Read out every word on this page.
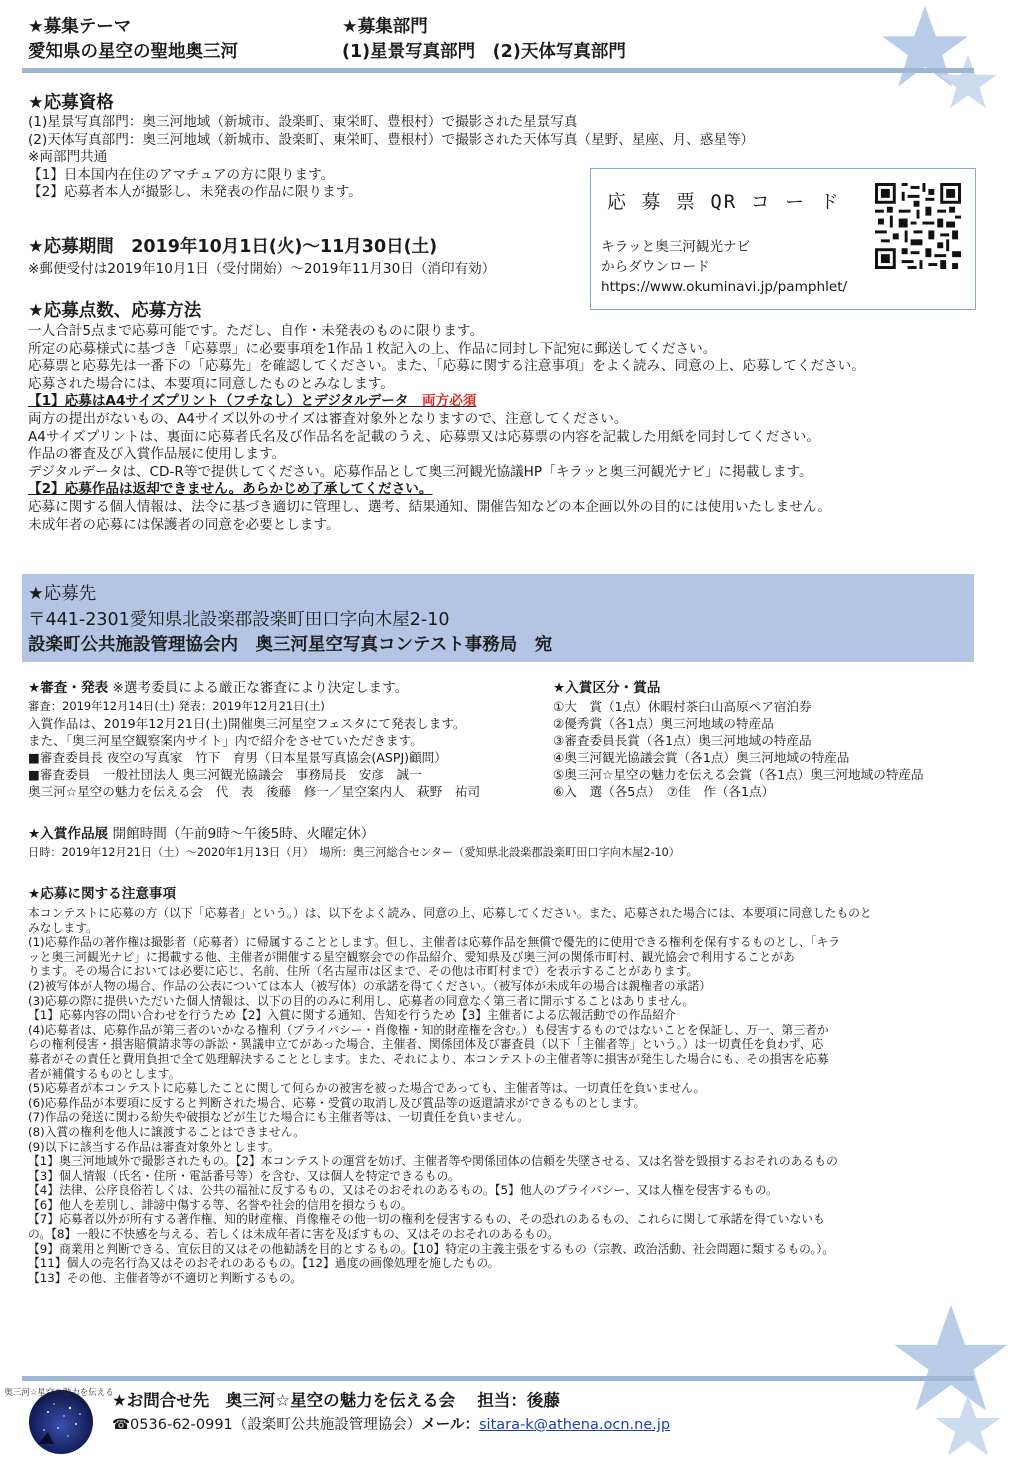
★募集テーマ
愛知県の星空の聖地奥三河
★募集部門
(1)星景写真部門　(2)天体写真部門
★応募資格
(1)星景写真部門：奥三河地域（新城市、設楽町、東栄町、豊根村）で撮影された星景写真
(2)天体写真部門：奥三河地域（新城市、設楽町、東栄町、豊根村）で撮影された天体写真（星野、星座、月、惑星等）
※両部門共通
【1】日本国内在住のアマチュアの方に限ります。
【2】応募者本人が撮影し、未発表の作品に限ります。
★応募期間　2019年10月1日(火)～11月30日(土)
※郵便受付は2019年10月1日（受付開始）～2019年11月30日（消印有効）
応 募 票 QR コ ー ド
キラッと奥三河観光ナビ
からダウンロード
https://www.okuminavi.jp/pamphlet/
★応募点数、応募方法
一人合計5点まで応募可能です。ただし、自作・未発表のものに限ります。
所定の応募様式に基づき「応募票」に必要事項を1作品１枚記入の上、作品に同封し下記宛に郵送してください。
応募票と応募先は一番下の「応募先」を確認してください。また、「応募に関する注意事項」をよく読み、同意の上、応募してください。
応募された場合には、本要項に同意したものとみなします。
【1】応募はA4サイズプリント（フチなし）とデジタルデータ　 両方必須
両方の提出がないもの、A4サイズ以外のサイズは審査対象外となりますので、注意してください。
A4サイズプリントは、裏面に応募者氏名及び作品名を記載のうえ、応募票又は応募票の内容を記載した用紙を同封してください。
作品の審査及び入賞作品展に使用します。
デジタルデータは、CD-R等で提供してください。応募作品として奥三河観光協議HP「キラッと奥三河観光ナビ」に掲載します。
【2】応募作品は返却できません。あらかじめ了承してください。
応募に関する個人情報は、法令に基づき適切に管理し、選考、結果通知、開催告知などの本企画以外の目的には使用いたしません。
未成年者の応募には保護者の同意を必要とします。
★応募先
〒441-2301愛知県北設楽郡設楽町田口字向木屋2-10
設楽町公共施設管理協会内　奥三河星空写真コンテスト事務局　宛
★審査・発表 ※選考委員による厳正な審査により決定します。
審査：2019年12月14日(土) 発表：2019年12月21日(土)
入賞作品は、2019年12月21日(土)開催奥三河星空フェスタにて発表します。
また、「奥三河星空観察案内サイト」内で紹介をさせていただきます。
■審査委員長 夜空の写真家　竹下　育男（日本星景写真協会(ASPJ)顧問）
■審査委員　一般社団法人 奥三河観光協議会　事務局長　安彦　誠一
奥三河☆星空の魅力を伝える会　代　表　後藤　修一／星空案内人　萩野　祐司
★入賞区分・賞品
①大　賞（1点）休暇村茶臼山高原ペア宿泊券
②優秀賞（各1点）奥三河地域の特産品
③審査委員長賞（各1点）奥三河地域の特産品
④奥三河観光協議会賞（各1点）奥三河地域の特産品
⑤奥三河☆星空の魅力を伝える会賞（各1点）奥三河地域の特産品
⑥入　選（各5点）　⑦佳　作（各1点）
★入賞作品展 開館時間（午前9時～午後5時、火曜定休）
日時：2019年12月21日（土）～2020年1月13日（月）　場所：奥三河総合センター（愛知県北設楽郡設楽町田口字向木屋2-10）
★応募に関する注意事項
本コンテストに応募の方（以下「応募者」という。）は、以下をよく読み、同意の上、応募してください。また、応募された場合には、本要項に同意したものと
みなします。
(1)応募作品の著作権は撮影者（応募者）に帰属することとします。但し、主催者は応募作品を無償で優先的に使用できる権利を保有するものとし、「キラ
ッと奥三河観光ナビ」に掲載する他、主催者が開催する星空観察会での作品紹介、愛知県及び奥三河の関係市町村、観光協会で利用することがあ
ります。その場合においては必要に応じ、名前、住所（名古屋市は区まで、その他は市町村まで）を表示することがあります。
(2)被写体が人物の場合、作品の公表については本人（被写体）の承諾を得てください。（被写体が未成年の場合は親権者の承諾）
(3)応募の際に提供いただいた個人情報は、以下の目的のみに利用し、応募者の同意なく第三者に開示することはありません。
【1】応募内容の問い合わせを行うため【2】入賞に関する通知、告知を行うため【3】主催者による広報活動での作品紹介
(4)応募者は、応募作品が第三者のいかなる権利（プライバシー・肖像権・知的財産権を含む。）も侵害するものではないことを保証し、万一、第三者か
らの権利侵害・損害賠償請求等の訴訟・異議申立てがあった場合、主催者、関係団体及び審査員（以下「主催者等」という。）は一切責任を負わず、応
募者がその責任と費用負担で全て処理解決することとします。また、それにより、本コンテストの主催者等に損害が発生した場合にも、その損害を応募
者が補償するものとします。
(5)応募者が本コンテストに応募したことに関して何らかの被害を被った場合であっても、主催者等は、一切責任を負いません。
(6)応募作品が本要項に反すると判断された場合、応募・受賞の取消し及び賞品等の返還請求ができるものとします。
(7)作品の発送に関わる紛失や破損などが生じた場合にも主催者等は、一切責任を負いません。
(8)入賞の権利を他人に譲渡することはできません。
(9)以下に該当する作品は審査対象外とします。
【1】奥三河地域外で撮影されたもの。【2】本コンテストの運営を妨げ、主催者等や関係団体の信頼を失墜させる、又は名誉を毀損するおそれのあるもの
【3】個人情報（氏名・住所・電話番号等）を含む、又は個人を特定できるもの。
【4】法律、公序良俗若しくは、公共の福祉に反するもの、又はそのおそれのあるもの。【5】他人のプライバシー、又は人権を侵害するもの。
【6】他人を差別し、誹謗中傷する等、名誉や社会的信用を損なうもの。
【7】応募者以外が所有する著作権、知的財産権、肖像権その他一切の権利を侵害するもの、その恐れのあるもの、これらに関して承諾を得ていないも
の。【8】一般に不快感を与える、若しくは未成年者に害を及ぼすもの、又はそのおそれのあるもの。
【9】商業用と判断できる、宣伝目的又はその他勧誘を目的とするもの。【10】特定の主義主張をするもの（宗教、政治活動、社会問題に類するもの。）。
【11】個人の売名行為又はそのおそれのあるもの。【12】過度の画像処理を施したもの。
【13】その他、主催者等が不適切と判断するもの。
奥三河☆星空の魅力を伝える会	★お問合せ先　奥三河☆星空の魅力を伝える会　 担当：後藤
☎0536-62-0991（設楽町公共施設管理協会）メール：sitara-k@athena.ocn.ne.jp
